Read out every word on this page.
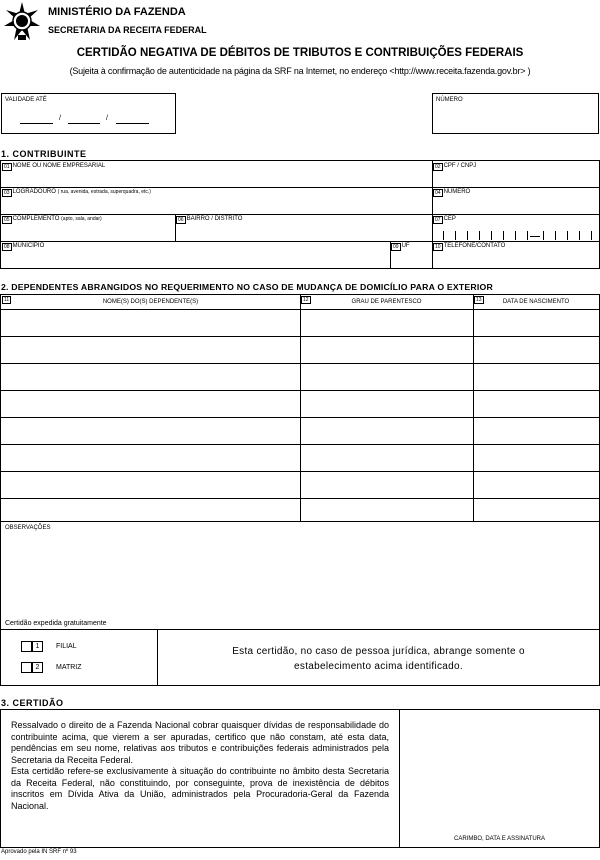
MINISTÉRIO DA FAZENDA
SECRETARIA DA RECEITA FEDERAL
CERTIDÃO NEGATIVA DE DÉBITOS DE TRIBUTOS E CONTRIBUIÇÕES FEDERAIS
(Sujeita à confirmação de autenticidade na página da SRF na Internet, no endereço <http://www.receita.fazenda.gov.br> )
VALIDADE ATÉ
/	/
NÚMERO
1. CONTRIBUINTE
01 NOME OU NOME EMPRESARIAL	02 CPF / CNPJ
03 LOGRADOURO ( rua, avenida, estrada, superquadra, etc.)	04 NÚMERO
05 COMPLEMENTO (apto, sala, andar)	06 BAIRRO / DISTRITO	07 CEP
08 MUNICÍPIO	09 UF	10 TELEFONE/CONTATO
2. DEPENDENTES ABRANGIDOS NO REQUERIMENTO NO CASO DE MUDANÇA DE DOMICÍLIO PARA O EXTERIOR
11	NOME(S) DO(S) DEPENDENTE(S)	12	GRAU DE PARENTESCO	13	DATA DE NASCIMENTO
OBSERVAÇÕES
Certidão expedida gratuitamente
1	FILIAL
2	MATRIZ
Esta certidão, no caso de pessoa jurídica, abrange somente o
estabelecimento acima identificado.
3. CERTIDÃO
Ressalvado o direito de a Fazenda Nacional cobrar quaisquer dívidas de responsabilidade do contribuinte acima, que vierem a ser apuradas, certifico que não constam, até esta data, pendências em seu nome, relativas aos tributos e contribuições federais administrados pela Secretaria da Receita Federal.
Esta certidão refere-se exclusivamente à situação do contribuinte no âmbito desta Secretaria da Receita Federal, não constituindo, por conseguinte, prova de inexistência de débitos inscritos em Dívida Ativa da União, administrados pela Procuradoria-Geral da Fazenda Nacional.
CARIMBO, DATA E ASSINATURA
Aprovado pela IN SRF nº 93
